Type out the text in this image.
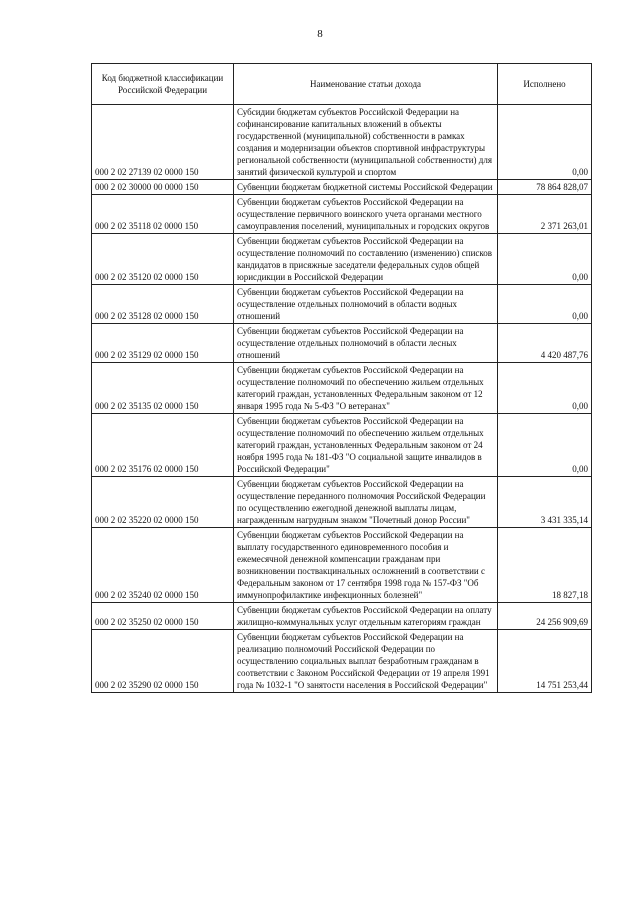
8
Код бюджетной классификации Российской Федерации	Наименование статьи дохода	Исполнено
000 2 02 27139 02 0000 150	Субсидии бюджетам субъектов Российской Федерации на софинансирование капитальных вложений в объекты государственной (муниципальной) собственности в рамках создания и модернизации объектов спортивной инфраструктуры региональной собственности (муниципальной собственности) для занятий физической культурой и спортом	0,00
000 2 02 30000 00 0000 150	Субвенции бюджетам бюджетной системы Российской Федерации	78 864 828,07
000 2 02 35118 02 0000 150	Субвенции бюджетам субъектов Российской Федерации на осуществление первичного воинского учета органами местного самоуправления поселений, муниципальных и городских округов	2 371 263,01
000 2 02 35120 02 0000 150	Субвенции бюджетам субъектов Российской Федерации на осуществление полномочий по составлению (изменению) списков кандидатов в присяжные заседатели федеральных судов общей юрисдикции в Российской Федерации	0,00
000 2 02 35128 02 0000 150	Субвенции бюджетам субъектов Российской Федерации на осуществление отдельных полномочий в области водных отношений	0,00
000 2 02 35129 02 0000 150	Субвенции бюджетам субъектов Российской Федерации на осуществление отдельных полномочий в области лесных отношений	4 420 487,76
000 2 02 35135 02 0000 150	Субвенции бюджетам субъектов Российской Федерации на осуществление полномочий по обеспечению жильем отдельных категорий граждан, установленных Федеральным законом от 12 января 1995 года № 5-ФЗ "О ветеранах"	0,00
000 2 02 35176 02 0000 150	Субвенции бюджетам субъектов Российской Федерации на осуществление полномочий по обеспечению жильем отдельных категорий граждан, установленных Федеральным законом от 24 ноября 1995 года № 181-ФЗ "О социальной защите инвалидов в Российской Федерации"	0,00
000 2 02 35220 02 0000 150	Субвенции бюджетам субъектов Российской Федерации на осуществление переданного полномочия Российской Федерации по осуществлению ежегодной денежной выплаты лицам, награжденным нагрудным знаком "Почетный донор России"	3 431 335,14
000 2 02 35240 02 0000 150	Субвенции бюджетам субъектов Российской Федерации на выплату государственного единовременного пособия и ежемесячной денежной компенсации гражданам при возникновении поствакцинальных осложнений в соответствии с Федеральным законом от 17 сентября 1998 года № 157-ФЗ "Об иммунопрофилактике инфекционных болезней"	18 827,18
000 2 02 35250 02 0000 150	Субвенции бюджетам субъектов Российской Федерации на оплату жилищно-коммунальных услуг отдельным категориям граждан	24 256 909,69
000 2 02 35290 02 0000 150	Субвенции бюджетам субъектов Российской Федерации на реализацию полномочий Российской Федерации по осуществлению социальных выплат безработным гражданам в соответствии с Законом Российской Федерации от 19 апреля 1991 года № 1032-1 "О занятости населения в Российской Федерации"	14 751 253,44
